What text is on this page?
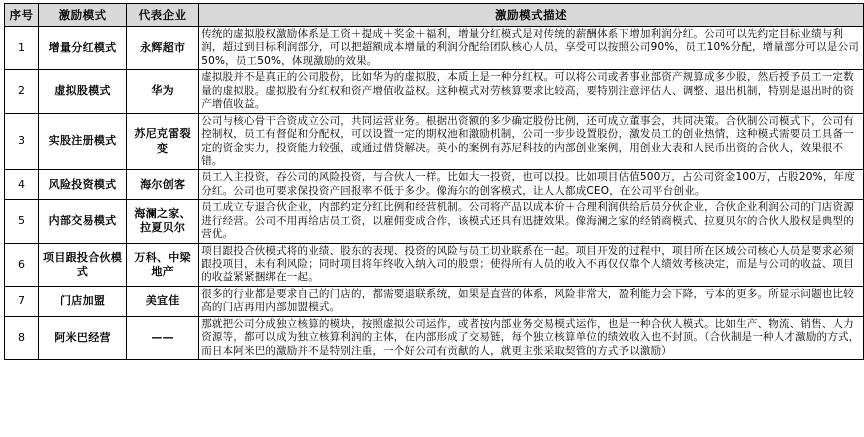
序号	激励模式	代表企业	激励模式描述
1	增量分红模式	永辉超市	传统的虚拟股权激励体系是工资＋提成＋奖金＋福利，增量分红模式是对传统的薪酬体系下增加利润分红。公司可以先约定目标业绩与利润，超过到目标利润部分，可以把超额成本增量的利润分配给团队核心人员，享受可以按照公司90%，员工10%分配，增量部分可以是公司50%，员工50%，体现激励的效果。
2	虚拟股模式	华为	虚拟股并不是真正的公司股份，比如华为的虚拟股，本质上是一种分红权。可以将公司或者事业部资产规算成多少股，然后授予员工一定数量的虚拟股。虚拟股有分红权和资产增值收益权。这种模式对劳核算要求比较高，要特别注意评估人、调整、退出机制，特别是退出时的资产增值收益。
3	实股注册模式	苏尼克雷裂变	公司与核心骨干合资成立公司，共同运营业务。根据出资额的多少确定股份比例，还可成立董事会，共同决策。合伙制公司模式下，公司有控制权，员工有督促和分配权，可以设置一定的期权池和激励机制，公司一步步设置股份，激发员工的创业热情，这种模式需要员工具备一定的资金实力，投资能力较强，或通过借贷解决。英小的案例有苏尼科技的内部创业案例，用创业大表和人民币出资的合伙人，效果很不错。
4	风险投资模式	海尔创客	员工入主投资，吞公司的风险投资，与合伙人一样。比如大一投资，也可以投。比如项目估值500万，占公司资金100万，占股20%，年度分红。公司也可要求保投资产回报率不低于多少。像海尔的创客模式，让人人都成CEO，在公司平台创业。
5	内部交易模式	海澜之家、拉夏贝尔	员工成立专退合伙企业，内部约定分红比例和经营机制。公司将产品以成本价＋合理利润供给后员分伙企业，合伙企业利润公司的门店资源进行经营。公司不用再给店员工资，以雇佣变成合作，该模式还具有迅捷效果。像海澜之家的经销商模式、拉夏贝尔的合伙人股权是典型的营优。
6	项目跟投合伙模式	万科、中梁地产	项目跟投合伙模式将的业绩、股东的表现、投资的风险与员工切业联系在一起。项目开发的过程中，项目所在区域公司核心人员是要求必须跟投项目，未有利风险；同时项目将年终收入纳入司的股票；使得所有人员的收入不再仅仅靠个人绩效考核决定，而是与公司的收益、项目的收益紧紧捆绑在一起。
7	门店加盟	美宜佳	很多的行业都是要求自己的门店的，都需要退联系统，如果是直营的体系，风险非常大，盈利能力会下降，亏本的更多。所显示问题也比较高的门店再用内部加盟模式。
8	阿米巴经营	——	那就把公司分成独立核算的模块，按照虚拟公司运作，或者按内部业务交易模式运作，也是一种合伙人模式。比如生产、物流、销售、人力资源等，都可以成为独立核算利润的主体，在内部形成了交易链，每个独立核算单位的绩效收入也不封顶。（合伙制是一种人才激励的方式，而日本阿米巴的激励并不是特别注重，一个好公司有贡献的人，就更主张采取契管的方式予以激励）
